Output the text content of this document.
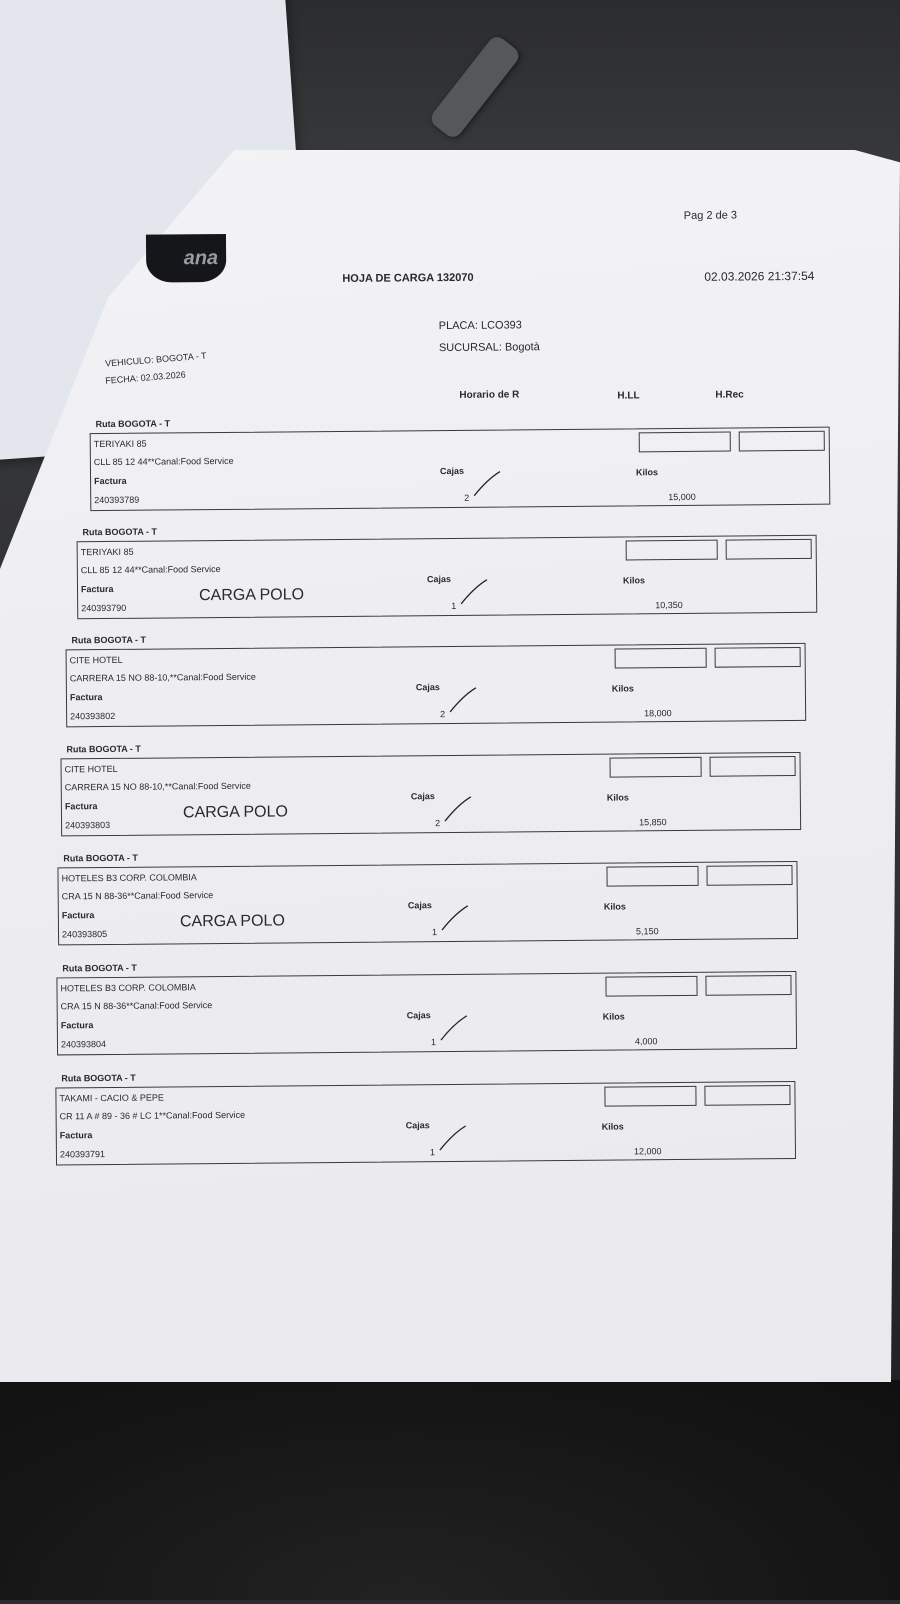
ana
Pag 2 de 3
HOJA DE CARGA 132070	02.03.2026 21:37:54
PLACA: LCO393
SUCURSAL: Bogotà
VEHICULO: BOGOTA - T
FECHA: 02.03.2026
Horario de R	H.LL	H.Rec
Ruta BOGOTA - T
TERIYAKI 85
CLL 85 12 44**Canal:Food Service
Factura
240393789
Cajas
2
Kilos
15,000
Ruta BOGOTA - T
TERIYAKI 85
CLL 85 12 44**Canal:Food Service
Factura
240393790
CARGA POLO
Cajas
1
Kilos
10,350
Ruta BOGOTA - T
CITE HOTEL
CARRERA 15 NO 88-10,**Canal:Food Service
Factura
240393802
Cajas
2
Kilos
18,000
Ruta BOGOTA - T
CITE HOTEL
CARRERA 15 NO 88-10,**Canal:Food Service
Factura
240393803
CARGA POLO
Cajas
2
Kilos
15,850
Ruta BOGOTA - T
HOTELES B3 CORP. COLOMBIA
CRA 15 N 88-36**Canal:Food Service
Factura
240393805
CARGA POLO
Cajas
1
Kilos
5,150
Ruta BOGOTA - T
HOTELES B3 CORP. COLOMBIA
CRA 15 N 88-36**Canal:Food Service
Factura
240393804
Cajas
1
Kilos
4,000
Ruta BOGOTA - T
TAKAMI - CACIO & PEPE
CR 11 A # 89 - 36 # LC 1**Canal:Food Service
Factura
240393791
Cajas
1
Kilos
12,000
